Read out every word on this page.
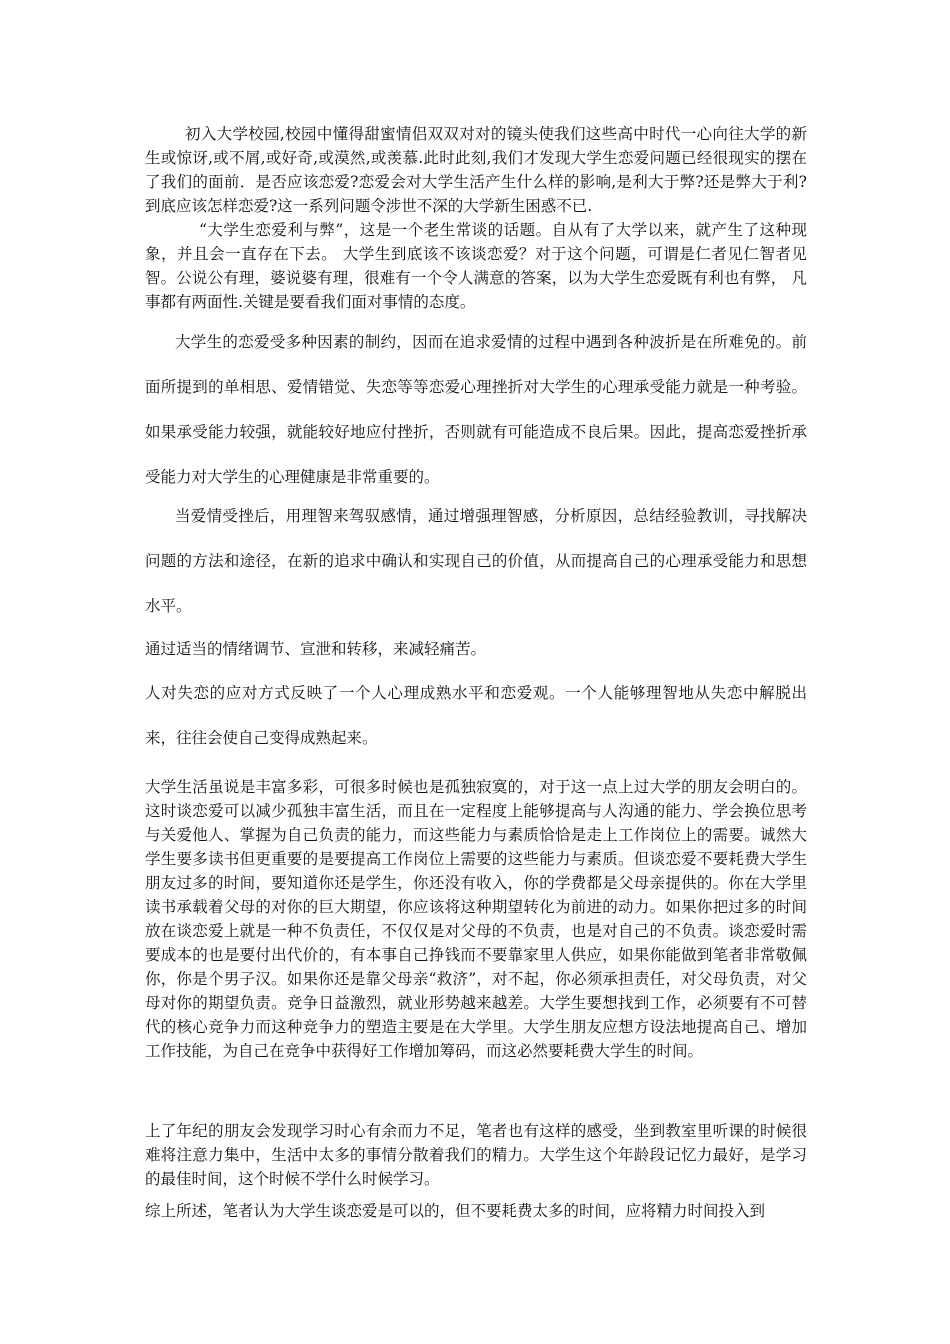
初入大学校园,校园中懂得甜蜜情侣双双对对的镜头使我们这些高中时代一心向往大学的新生或惊讶,或不屑,或好奇,或漠然,或羡慕.此时此刻,我们才发现大学生恋爱问题已经很现实的摆在了我们的面前．是否应该恋爱?恋爱会对大学生活产生什么样的影响,是利大于弊?还是弊大于利?到底应该怎样恋爱?这一系列问题令涉世不深的大学新生困惑不已.

“大学生恋爱利与弊”，这是一个老生常谈的话题。自从有了大学以来，就产生了这种现象，并且会一直存在下去。 大学生到底该不该谈恋爱？对于这个问题，可谓是仁者见仁智者见智。公说公有理，婆说婆有理，很难有一个令人满意的答案，以为大学生恋爱既有利也有弊， 凡事都有两面性.关键是要看我们面对事情的态度。

大学生的恋爱受多种因素的制约，因而在追求爱情的过程中遇到各种波折是在所难免的。前面所提到的单相思、爱情错觉、失恋等等恋爱心理挫折对大学生的心理承受能力就是一种考验。如果承受能力较强，就能较好地应付挫折，否则就有可能造成不良后果。因此，提高恋爱挫折承受能力对大学生的心理健康是非常重要的。

当爱情受挫后，用理智来驾驭感情，通过增强理智感，分析原因，总结经验教训，寻找解决问题的方法和途径，在新的追求中确认和实现自己的价值，从而提高自己的心理承受能力和思想水平。

通过适当的情绪调节、宣泄和转移，来减轻痛苦。

人对失恋的应对方式反映了一个人心理成熟水平和恋爱观。一个人能够理智地从失恋中解脱出来，往往会使自己变得成熟起来。

大学生活虽说是丰富多彩，可很多时候也是孤独寂寞的，对于这一点上过大学的朋友会明白的。这时谈恋爱可以减少孤独丰富生活，而且在一定程度上能够提高与人沟通的能力、学会换位思考与关爱他人、掌握为自己负责的能力，而这些能力与素质恰恰是走上工作岗位上的需要。诚然大学生要多读书但更重要的是要提高工作岗位上需要的这些能力与素质。但谈恋爱不要耗费大学生朋友过多的时间，要知道你还是学生，你还没有收入，你的学费都是父母亲提供的。你在大学里读书承载着父母的对你的巨大期望，你应该将这种期望转化为前进的动力。如果你把过多的时间放在谈恋爱上就是一种不负责任，不仅仅是对父母的不负责，也是对自己的不负责。谈恋爱时需要成本的也是要付出代价的，有本事自己挣钱而不要靠家里人供应，如果你能做到笔者非常敬佩你，你是个男子汉。如果你还是靠父母亲“救济”，对不起，你必须承担责任，对父母负责，对父母对你的期望负责。竞争日益激烈，就业形势越来越差。大学生要想找到工作，必须要有不可替代的核心竞争力而这种竞争力的塑造主要是在大学里。大学生朋友应想方设法地提高自己、增加工作技能，为自己在竞争中获得好工作增加筹码，而这必然要耗费大学生的时间。

上了年纪的朋友会发现学习时心有余而力不足，笔者也有这样的感受，坐到教室里听课的时候很难将注意力集中，生活中太多的事情分散着我们的精力。大学生这个年龄段记忆力最好，是学习的最佳时间，这个时候不学什么时候学习。

综上所述，笔者认为大学生谈恋爱是可以的，但不要耗费太多的时间，应将精力时间投入到
